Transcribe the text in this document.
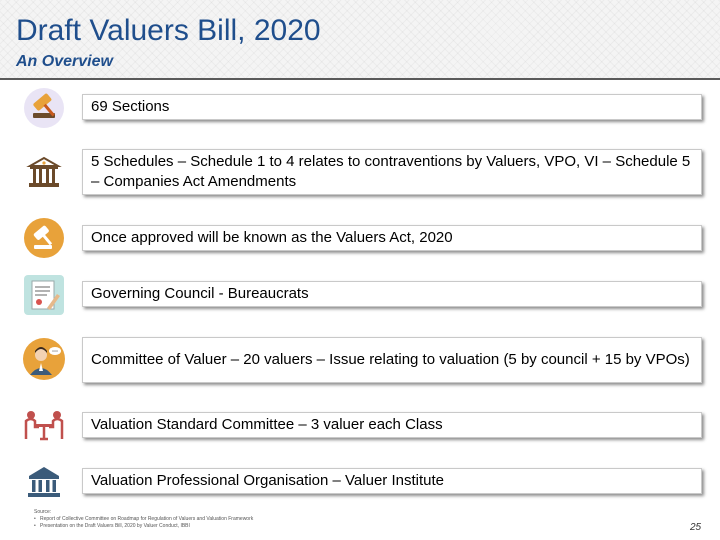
Draft Valuers Bill, 2020
An Overview
69 Sections
5 Schedules – Schedule 1 to 4 relates to contraventions by Valuers, VPO, VI – Schedule 5 – Companies Act Amendments
Once approved will be known as the Valuers Act, 2020
Governing Council - Bureaucrats
Committee of Valuer – 20 valuers – Issue relating to valuation (5 by council + 15 by VPOs)
Valuation Standard Committee – 3 valuer each Class
Valuation Professional Organisation – Valuer Institute
Source:
• Report of Collective Committee on Roadmap for Regulation of Valuers and Valuation Framework
• Presentation on the Draft Valuers Bill, 2020 by Valuer Conduct, IBBI	25
